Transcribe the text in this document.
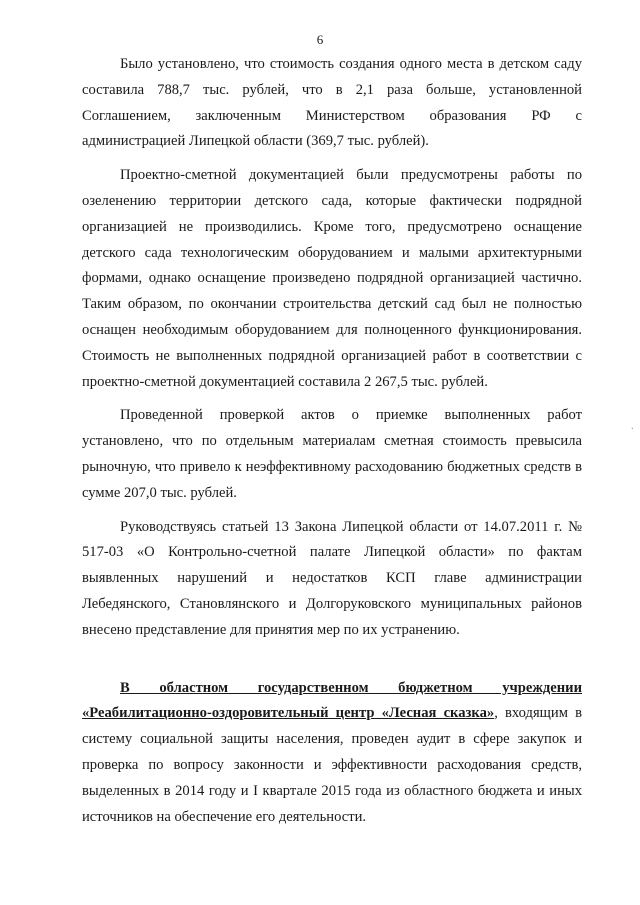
6

Было установлено, что стоимость создания одного места в детском саду составила 788,7 тыс. рублей, что в 2,1 раза больше, установленной Соглашением, заключенным Министерством образования РФ с администрацией Липецкой области (369,7 тыс. рублей).

Проектно-сметной документацией были предусмотрены работы по озеленению территории детского сада, которые фактически подрядной организацией не производились. Кроме того, предусмотрено оснащение детского сада технологическим оборудованием и малыми архитектурными формами, однако оснащение произведено подрядной организацией частично. Таким образом, по окончании строительства детский сад был не полностью оснащен необходимым оборудованием для полноценного функционирования. Стоимость не выполненных подрядной организацией работ в соответствии с проектно-сметной документацией составила 2 267,5 тыс. рублей.

Проведенной проверкой актов о приемке выполненных работ установлено, что по отдельным материалам сметная стоимость превысила рыночную, что привело к неэффективному расходованию бюджетных средств в сумме 207,0 тыс. рублей.

Руководствуясь статьей 13 Закона Липецкой области от 14.07.2011 г. № 517-03 «О Контрольно-счетной палате Липецкой области» по фактам выявленных нарушений и недостатков КСП главе администрации Лебедянского, Становлянского и Долгоруковского муниципальных районов внесено представление для принятия мер по их устранению.

В областном государственном бюджетном учреждении «Реабилитационно-оздоровительный центр «Лесная сказка», входящим в систему социальной защиты населения, проведен аудит в сфере закупок и проверка по вопросу законности и эффективности расходования средств, выделенных в 2014 году и I квартале 2015 года из областного бюджета и иных источников на обеспечение его деятельности.

·
